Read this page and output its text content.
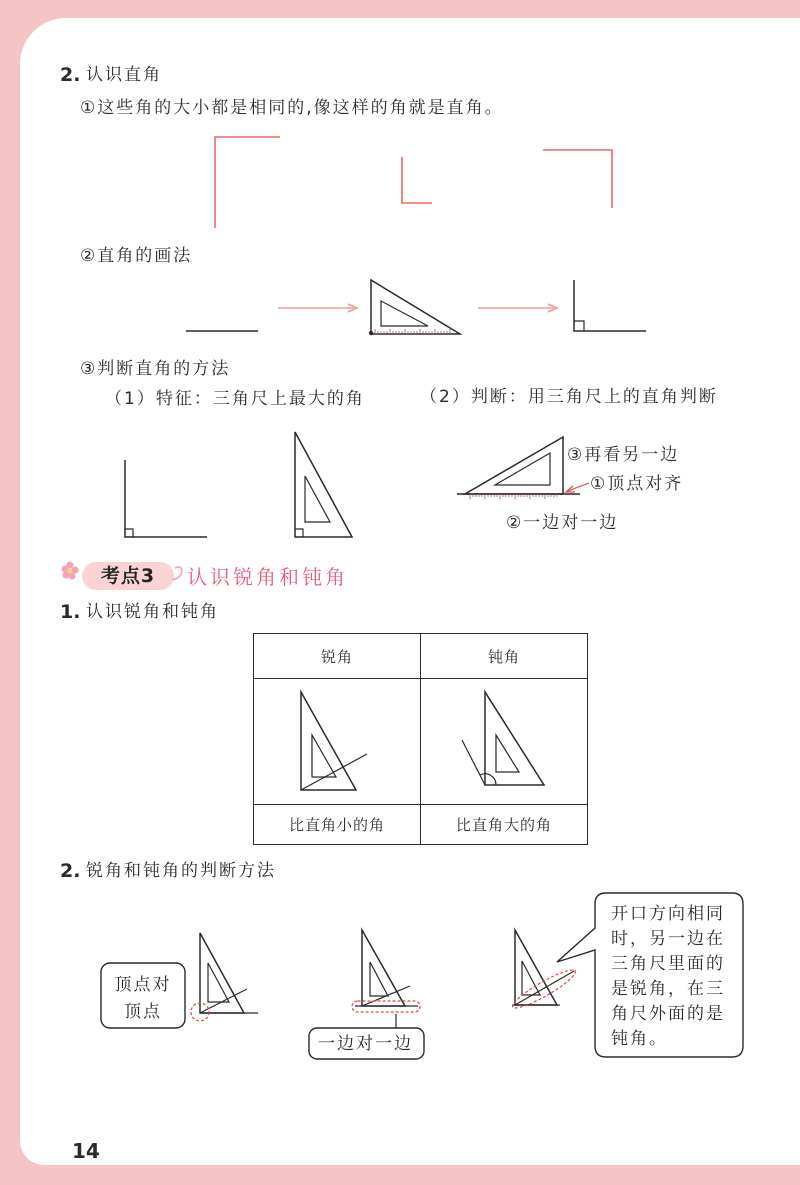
考点3
2. 认识直角
①这些角的大小都是相同的,像这样的角就是直角。
②直角的画法
③判断直角的方法
（1）特征：三角尺上最大的角	（2）判断：用三角尺上的直角判断
③再看另一边
①顶点对齐
②一边对一边
认识锐角和钝角
1. 认识锐角和钝角
锐角	钝角

比直角小的角	比直角大的角
2. 锐角和钝角的判断方法
顶点对
顶点
一边对一边
开口方向相同
时，另一边在
三角尺里面的
是锐角，在三
角尺外面的是
钝角。
14
